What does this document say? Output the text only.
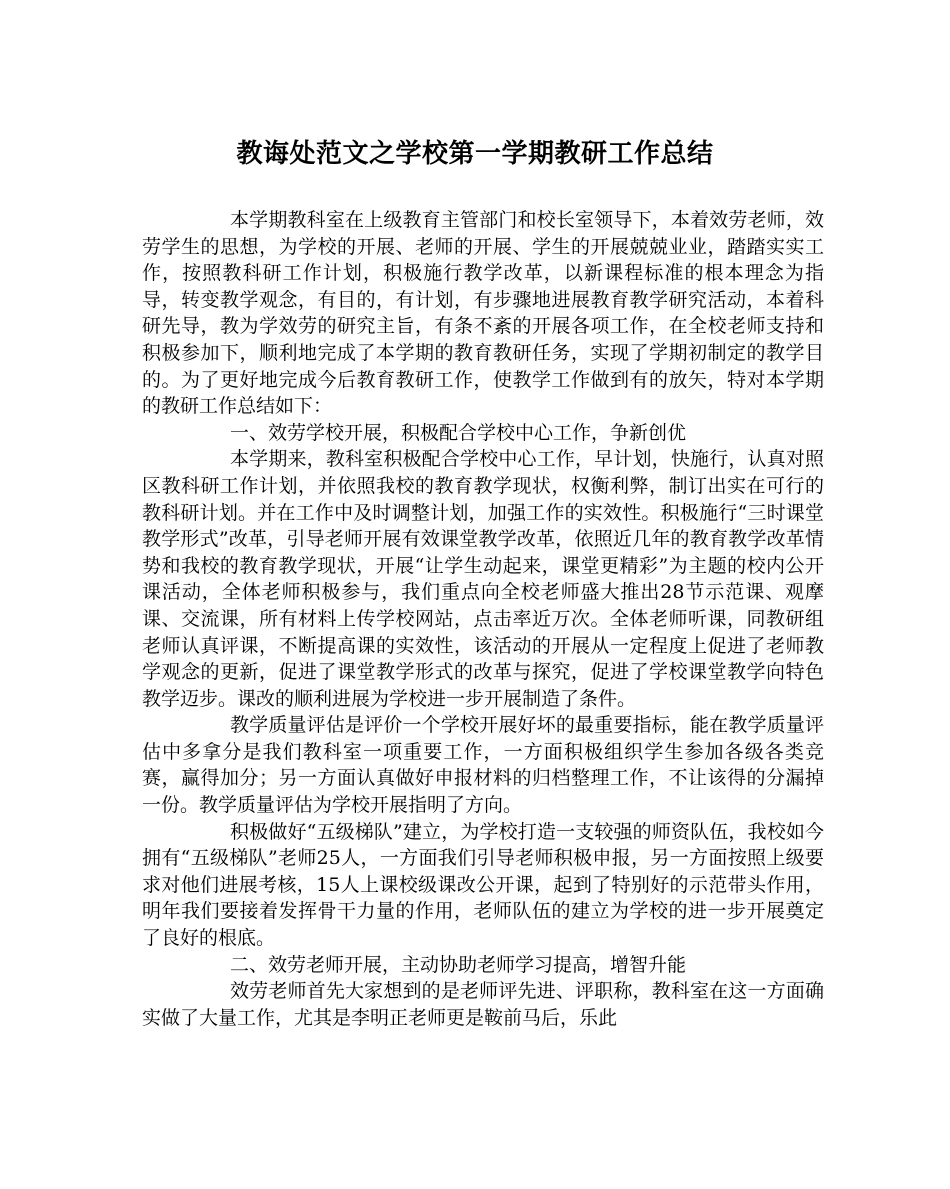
教诲处范文之学校第一学期教研工作总结

本学期教科室在上级教育主管部门和校长室领导下，本着效劳老师，效劳学生的思想，为学校的开展、老师的开展、学生的开展兢兢业业，踏踏实实工作，按照教科研工作计划，积极施行教学改革，以新课程标准的根本理念为指导，转变教学观念，有目的，有计划，有步骤地进展教育教学研究活动，本着科研先导，教为学效劳的研究主旨，有条不紊的开展各项工作，在全校老师支持和积极参加下，顺利地完成了本学期的教育教研任务，实现了学期初制定的教学目的。为了更好地完成今后教育教研工作，使教学工作做到有的放矢，特对本学期的教研工作总结如下：

一、效劳学校开展，积极配合学校中心工作，争新创优

本学期来，教科室积极配合学校中心工作，早计划，快施行，认真对照区教科研工作计划，并依照我校的教育教学现状，权衡利弊，制订出实在可行的教科研计划。并在工作中及时调整计划，加强工作的实效性。积极施行“三时课堂教学形式”改革，引导老师开展有效课堂教学改革，依照近几年的教育教学改革情势和我校的教育教学现状，开展“让学生动起来，课堂更精彩”为主题的校内公开课活动，全体老师积极参与，我们重点向全校老师盛大推出28节示范课、观摩课、交流课，所有材料上传学校网站，点击率近万次。全体老师听课，同教研组老师认真评课，不断提高课的实效性，该活动的开展从一定程度上促进了老师教学观念的更新，促进了课堂教学形式的改革与探究，促进了学校课堂教学向特色教学迈步。课改的顺利进展为学校进一步开展制造了条件。

教学质量评估是评价一个学校开展好坏的最重要指标，能在教学质量评估中多拿分是我们教科室一项重要工作，一方面积极组织学生参加各级各类竞赛，赢得加分；另一方面认真做好申报材料的归档整理工作，不让该得的分漏掉一份。教学质量评估为学校开展指明了方向。

积极做好“五级梯队”建立，为学校打造一支较强的师资队伍，我校如今拥有“五级梯队”老师25人，一方面我们引导老师积极申报，另一方面按照上级要求对他们进展考核，15人上课校级课改公开课，起到了特别好的示范带头作用，明年我们要接着发挥骨干力量的作用，老师队伍的建立为学校的进一步开展奠定了良好的根底。

二、效劳老师开展，主动协助老师学习提高，增智升能

效劳老师首先大家想到的是老师评先进、评职称，教科室在这一方面确实做了大量工作，尤其是李明正老师更是鞍前马后，乐此
